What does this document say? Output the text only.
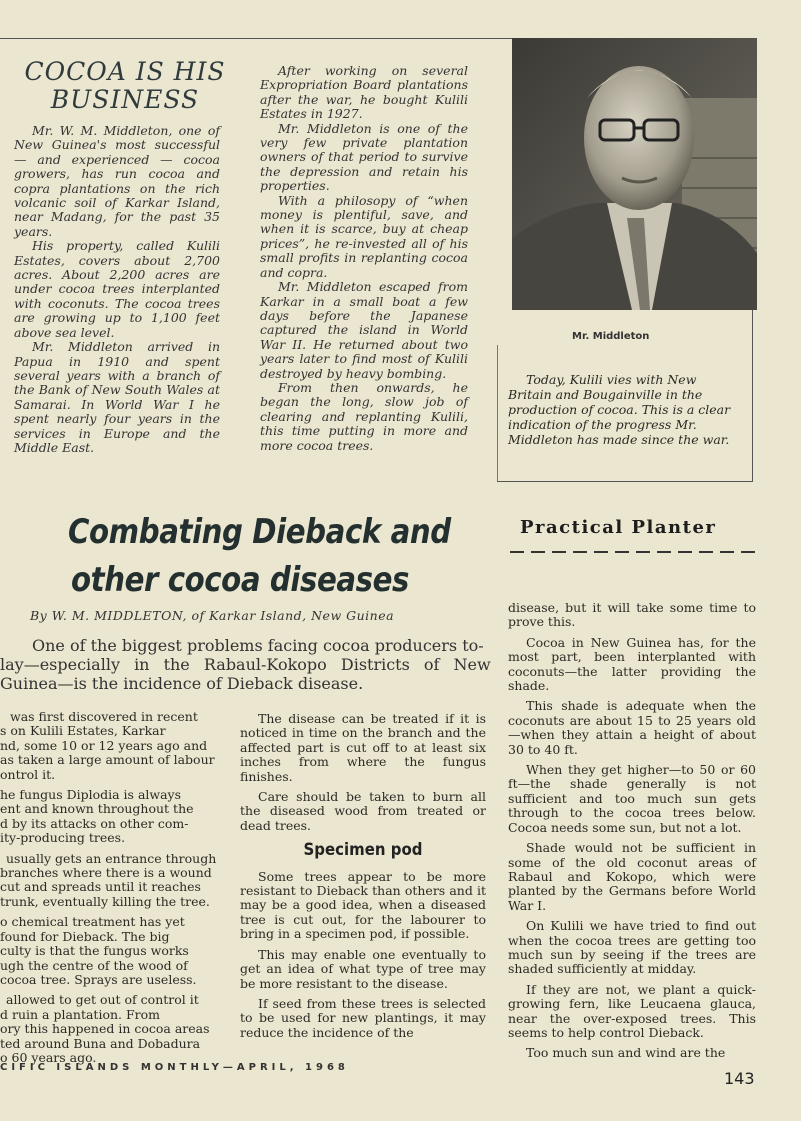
COCOA IS HIS
BUSINESS

Mr. W. M. Middleton, one of New Guinea's most successful — and experienced — cocoa growers, has run cocoa and copra plantations on the rich volcanic soil of Karkar Island, near Madang, for the past 35 years.

His property, called Kulili Estates, covers about 2,700 acres. About 2,200 acres are under cocoa trees interplanted with coconuts. The cocoa trees are growing up to 1,100 feet above sea level.

Mr. Middleton arrived in Papua in 1910 and spent several years with a branch of the Bank of New South Wales at Samarai. In World War I he spent nearly four years in the services in Europe and the Middle East.

After working on several Expropriation Board plantations after the war, he bought Kulili Estates in 1927.

Mr. Middleton is one of the very few private plantation owners of that period to survive the depression and retain his properties.

With a philosopy of “when money is plentiful, save, and when it is scarce, buy at cheap prices”, he re-invested all of his small profits in replanting cocoa and copra.

Mr. Middleton escaped from Karkar in a small boat a few days before the Japanese captured the island in World War II. He returned about two years later to find most of Kulili destroyed by heavy bombing.

From then onwards, he began the long, slow job of clearing and replanting Kulili, this time putting in more and more cocoa trees.

Mr. Middleton
Today, Kulili vies with New Britain and Bougainville in the production of cocoa. This is a clear indication of the progress Mr. Middleton has made since the war.
Combating Dieback and
other cocoa diseases
Practical Planter
By W. M. MIDDLETON, of Karkar Island, New Guinea
One of the biggest problems facing cocoa producers to-
lay—especially in the Rabaul-Kokopo Districts of New
Guinea—is the incidence of Dieback disease.

was first discovered in recent
s on Kulili Estates, Karkar
nd, some 10 or 12 years ago and
as taken a large amount of labour
ontrol it.

he fungus Diplodia is always
ent and known throughout the
d by its attacks on other com-
ity-producing trees.

usually gets an entrance through
branches where there is a wound
cut and spreads until it reaches
trunk, eventually killing the tree.

o chemical treatment has yet
found for Dieback. The big
culty is that the fungus works
ugh the centre of the wood of
cocoa tree. Sprays are useless.

allowed to get out of control it
d ruin a plantation. From
ory this happened in cocoa areas
ted around Buna and Dobadura
o 60 years ago.

The disease can be treated if it is noticed in time on the branch and the affected part is cut off to at least six inches from where the fungus finishes.

Care should be taken to burn all the diseased wood from treated or dead trees.

Specimen pod

Some trees appear to be more resistant to Dieback than others and it may be a good idea, when a diseased tree is cut out, for the labourer to bring in a specimen pod, if possible.

This may enable one eventually to get an idea of what type of tree may be more resistant to the disease.

If seed from these trees is selected to be used for new plantings, it may reduce the incidence of the

disease, but it will take some time to prove this.

Cocoa in New Guinea has, for the most part, been interplanted with coconuts—the latter providing the shade.

This shade is adequate when the coconuts are about 15 to 25 years old—when they attain a height of about 30 to 40 ft.

When they get higher—to 50 or 60 ft—the shade generally is not sufficient and too much sun gets through to the cocoa trees below. Cocoa needs some sun, but not a lot.

Shade would not be sufficient in some of the old coconut areas of Rabaul and Kokopo, which were planted by the Germans before World War I.

On Kulili we have tried to find out when the cocoa trees are getting too much sun by seeing if the trees are shaded sufficiently at midday.

If they are not, we plant a quick-growing fern, like Leucaena glauca, near the over-exposed trees. This seems to help control Dieback.

Too much sun and wind are the

CIFIC ISLANDS MONTHLY—APRIL, 1968
143
